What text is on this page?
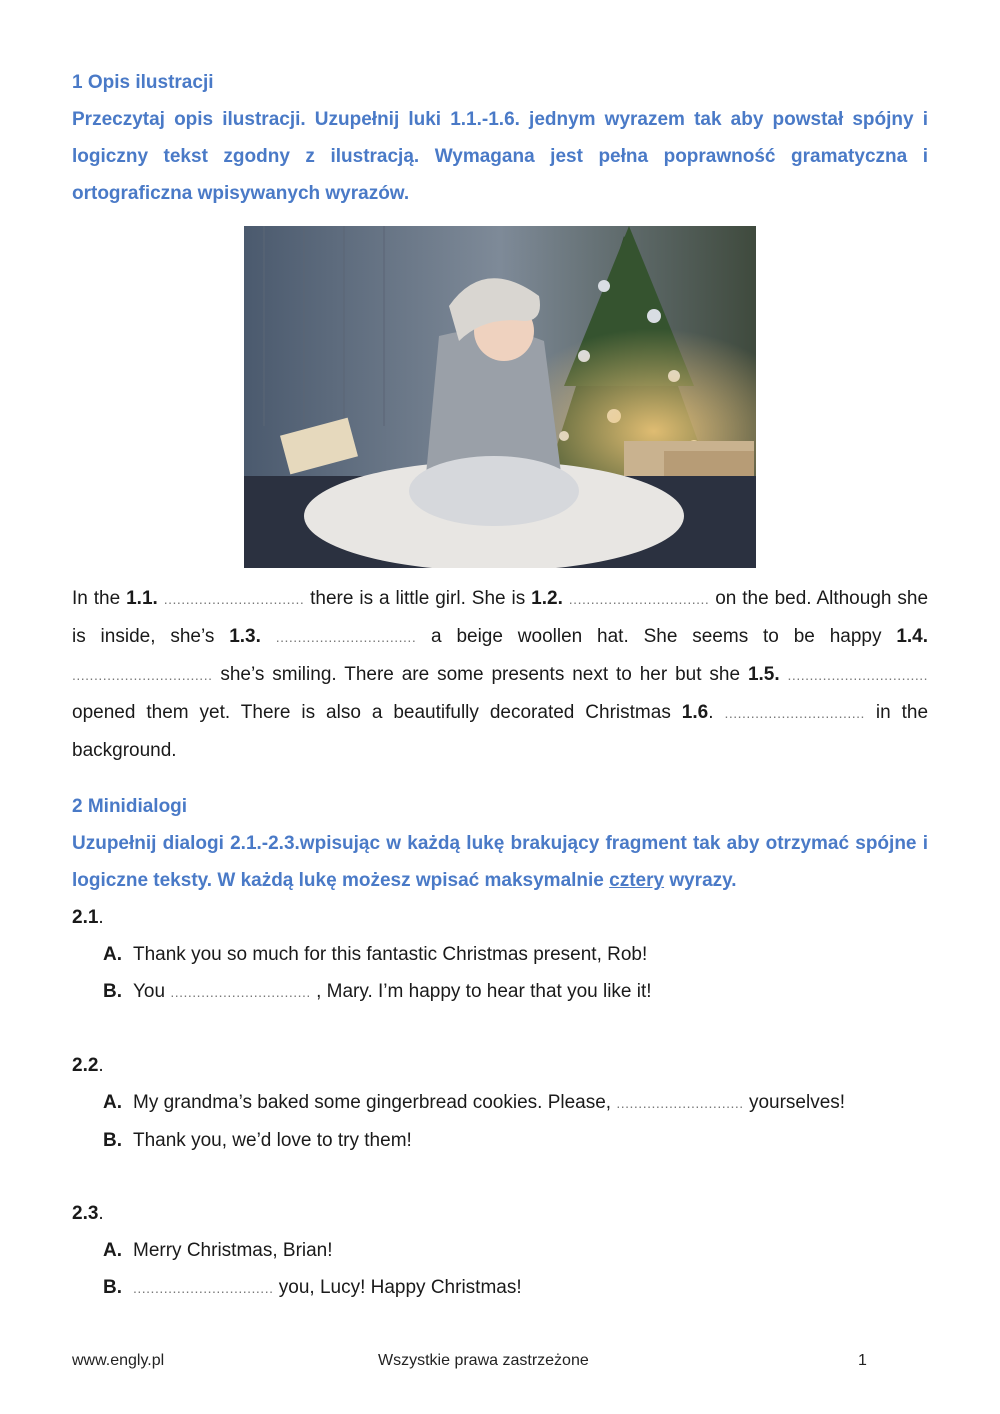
1 Opis ilustracji
Przeczytaj opis ilustracji. Uzupełnij luki 1.1.-1.6. jednym wyrazem tak aby powstał spójny i logiczny tekst zgodny z ilustracją. Wymagana jest pełna poprawność gramatyczna i ortograficzna wpisywanych wyrazów.
In the 1.1. ................................ there is a little girl. She is 1.2. ................................ on the bed. Although she is inside, she’s 1.3. ................................ a beige woollen hat. She seems to be happy 1.4. ................................ she’s smiling. There are some presents next to her but she 1.5. ................................ opened them yet. There is also a beautifully decorated Christmas 1.6. ................................ in the background.
2 Minidialogi
Uzupełnij dialogi 2.1.-2.3.wpisując w każdą lukę brakujący fragment tak aby otrzymać spójne i logiczne teksty. W każdą lukę możesz wpisać maksymalnie cztery wyrazy.
2.1.
A. Thank you so much for this fantastic Christmas present, Rob!
B. You ................................ , Mary. I’m happy to hear that you like it!
2.2.
A. My grandma’s baked some gingerbread cookies. Please, ............................. yourselves!
B. Thank you, we’d love to try them!
2.3.
A. Merry Christmas, Brian!
B. ................................ you, Lucy! Happy Christmas!
www.engly.pl	Wszystkie prawa zastrzeżone	1
